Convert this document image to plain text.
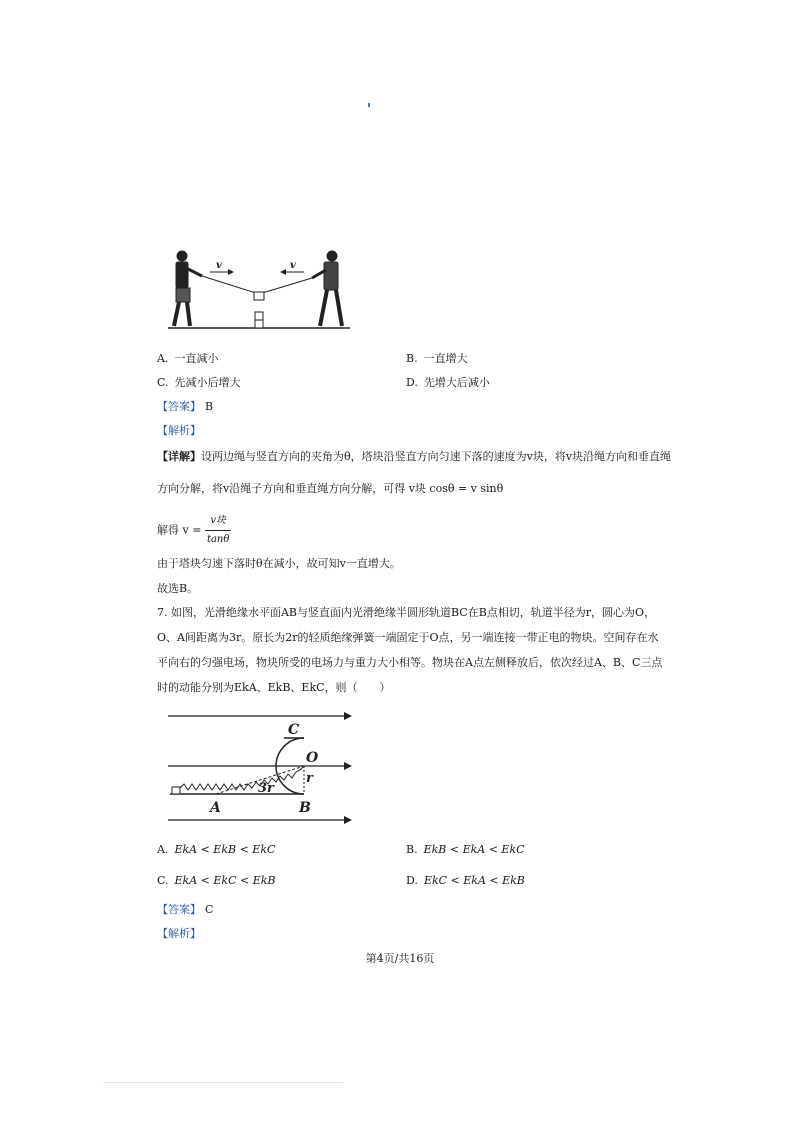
v	v
A. 一直减小	B. 一直增大
C. 先减小后增大	D. 先增大后减小
【答案】 B
【解析】
【详解】设两边绳与竖直方向的夹角为θ，塔块沿竖直方向匀速下落的速度为v块，将v块沿绳方向和垂直绳
方向分解，将v沿绳子方向和垂直绳方向分解，可得 v块 cosθ = v sinθ
解得 $v = \frac{\text{v块}}{\tan\theta}$
由于塔块匀速下落时θ在减小，故可知v一直增大。
故选B。
7. 如图，光滑绝缘水平面AB与竖直面内光滑绝缘半圆形轨道BC在B点相切，轨道半径为r，圆心为O，
O、A间距离为3r。原长为2r的轻质绝缘弹簧一端固定于O点，另一端连接一带正电的物块。空间存在水
平向右的匀强电场，物块所受的电场力与重力大小相等。物块在A点左侧释放后，依次经过A、B、C三点
时的动能分别为EkA、EkB、EkC，则（　　）
C
O
r
3r
A	B
A. EkA < EkB < EkC	B. EkB < EkA < EkC
C. EkA < EkC < EkB	D. EkC < EkA < EkB
【答案】 C
【解析】
第4页/共16页
